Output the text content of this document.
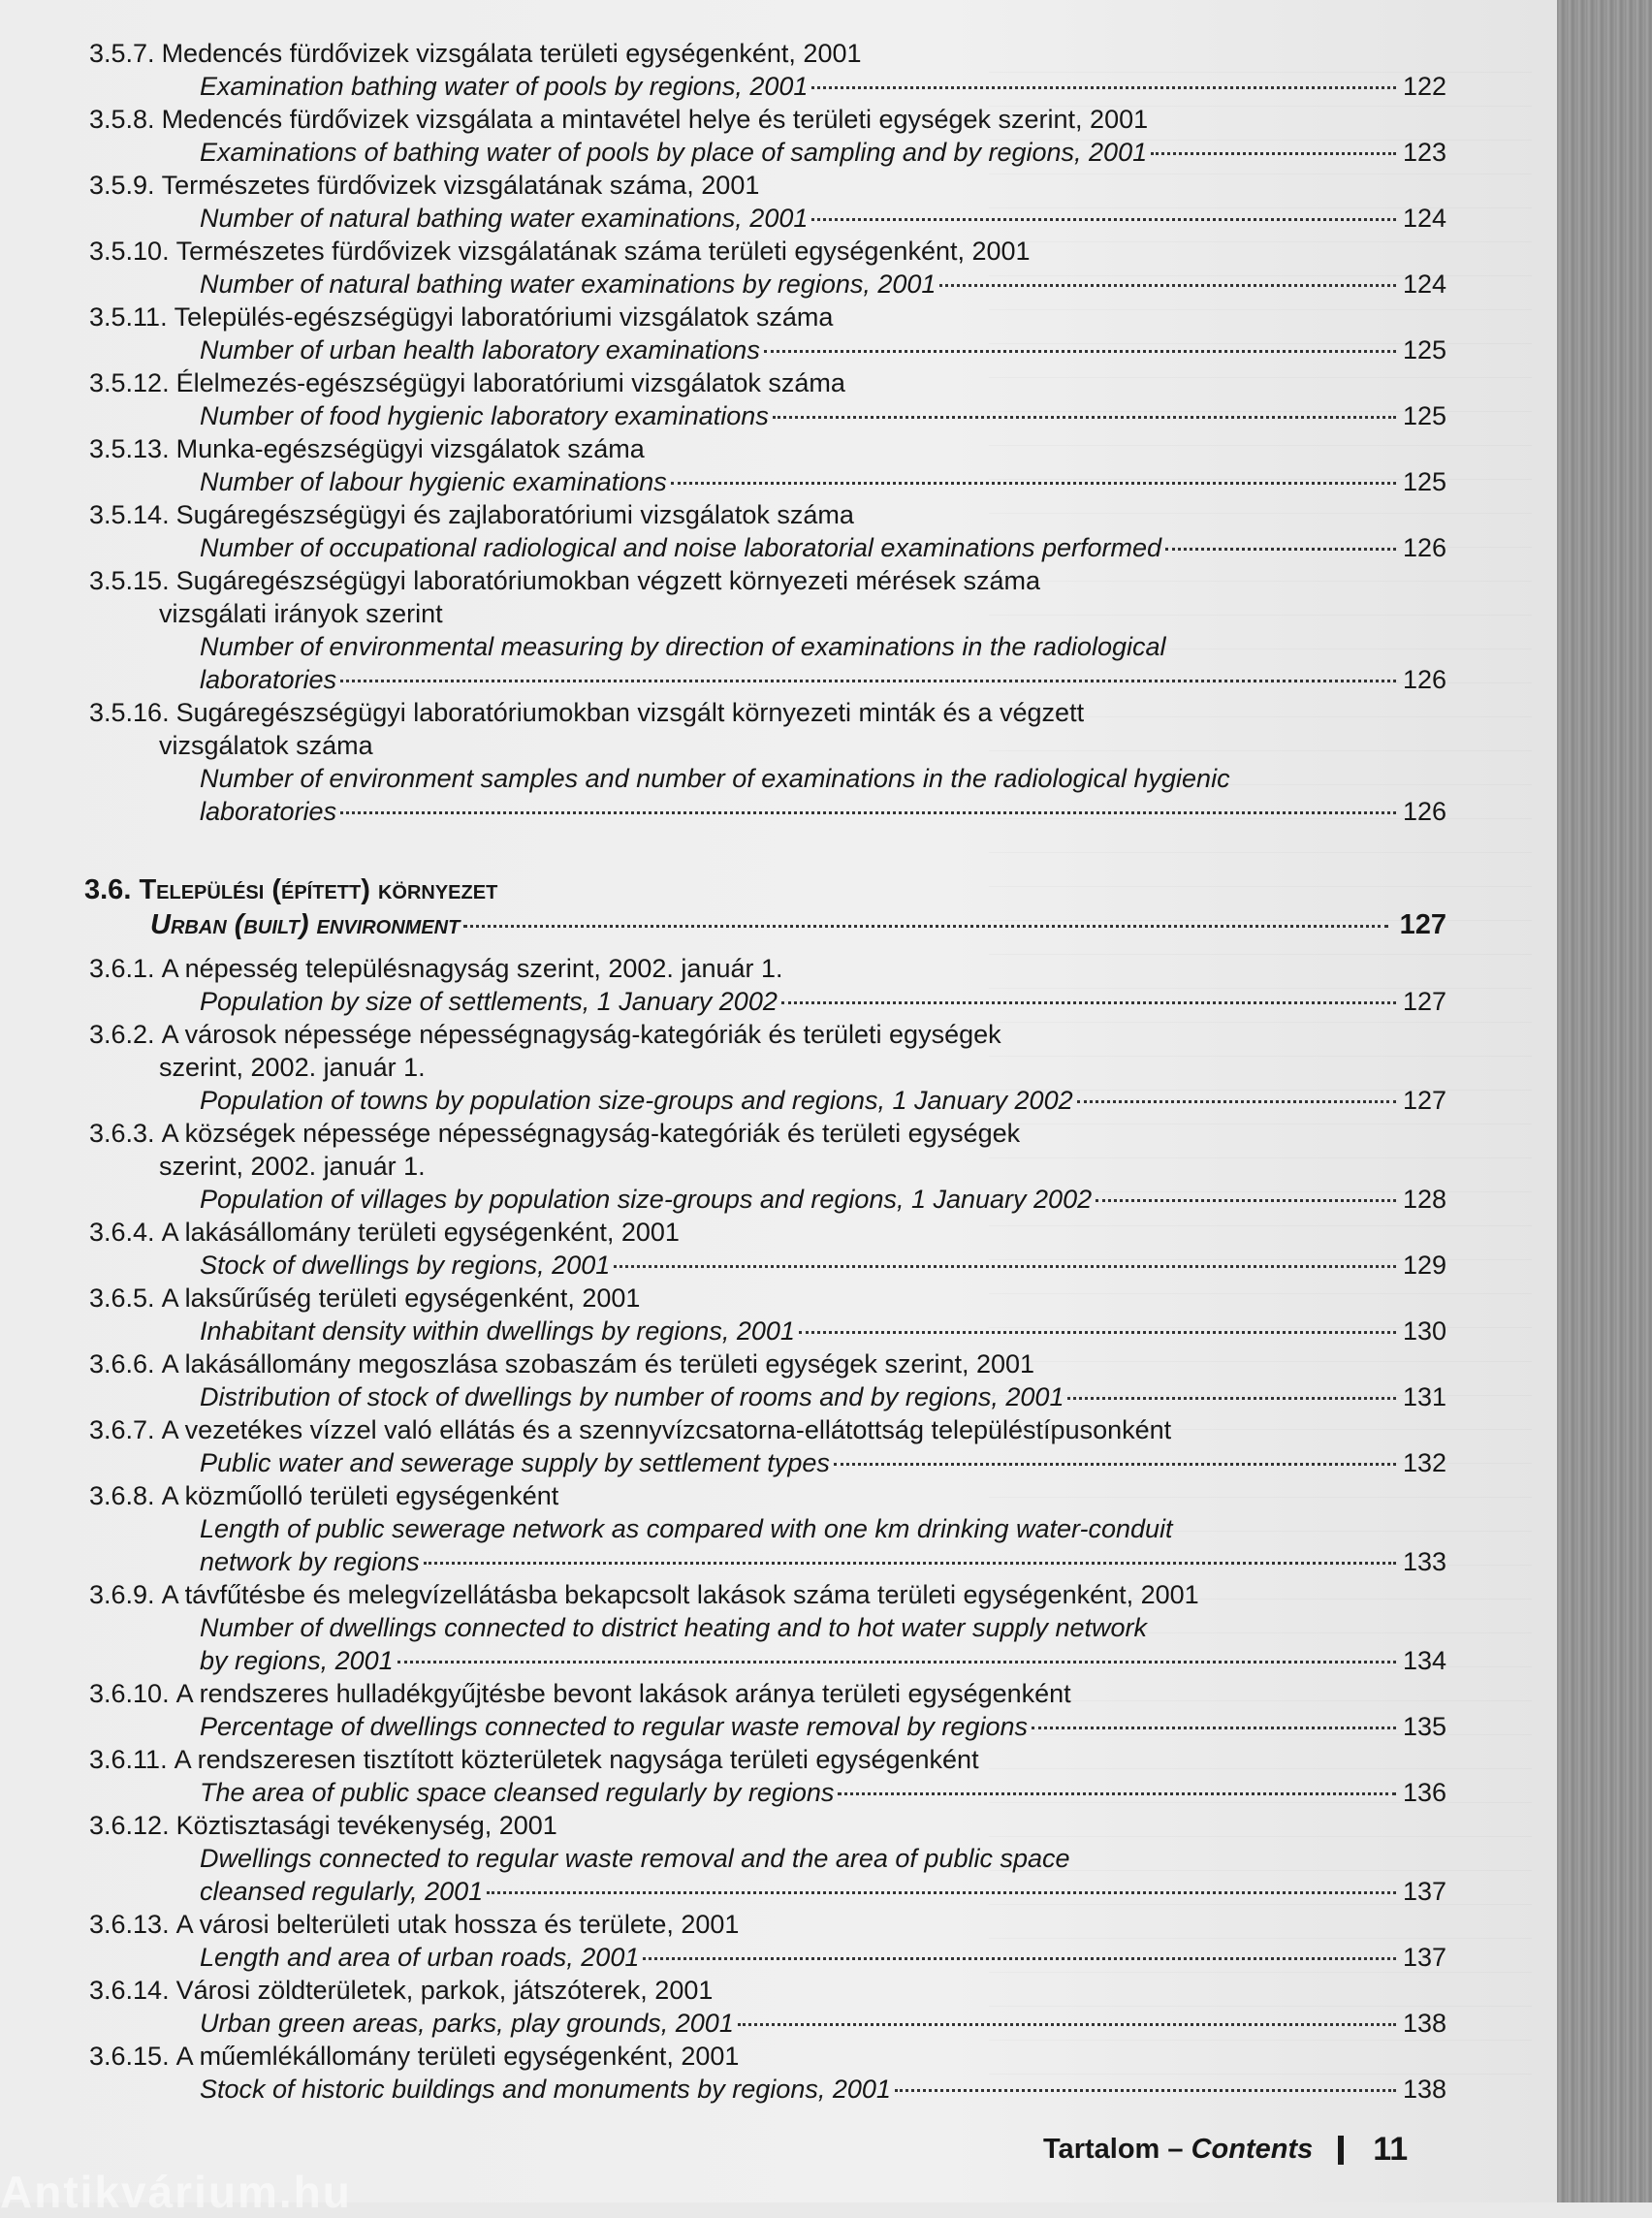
3.5.7. Medencés fürdővizek vizsgálata területi egységenként, 2001
Examination bathing water of pools by regions, 2001	122
3.5.8. Medencés fürdővizek vizsgálata a mintavétel helye és területi egységek szerint, 2001
Examinations of bathing water of pools by place of sampling and by regions, 2001	123
3.5.9. Természetes fürdővizek vizsgálatának száma, 2001
Number of natural bathing water examinations, 2001	124
3.5.10. Természetes fürdővizek vizsgálatának száma területi egységenként, 2001
Number of natural bathing water examinations by regions, 2001	124
3.5.11. Település-egészségügyi laboratóriumi vizsgálatok száma
Number of urban health laboratory examinations	125
3.5.12. Élelmezés-egészségügyi laboratóriumi vizsgálatok száma
Number of food hygienic laboratory examinations	125
3.5.13. Munka-egészségügyi vizsgálatok száma
Number of labour hygienic examinations	125
3.5.14. Sugáregészségügyi és zajlaboratóriumi vizsgálatok száma
Number of occupational radiological and noise laboratorial examinations performed	126
3.5.15. Sugáregészségügyi laboratóriumokban végzett környezeti mérések száma
vizsgálati irányok szerint
Number of environmental measuring by direction of examinations in the radiological
laboratories	126
3.5.16. Sugáregészségügyi laboratóriumokban vizsgált környezeti minták és a végzett
vizsgálatok száma
Number of environment samples and number of examinations in the radiological hygienic
laboratories	126
3.6. Települési (épített) környezet
Urban (built) environment	127
3.6.1. A népesség településnagyság szerint, 2002. január 1.
Population by size of settlements, 1 January 2002	127
3.6.2. A városok népessége népességnagyság-kategóriák és területi egységek
szerint, 2002. január 1.
Population of towns by population size-groups and regions, 1 January 2002	127
3.6.3. A községek népessége népességnagyság-kategóriák és területi egységek
szerint, 2002. január 1.
Population of villages by population size-groups and regions, 1 January 2002	128
3.6.4. A lakásállomány területi egységenként, 2001
Stock of dwellings by regions, 2001	129
3.6.5. A laksűrűség területi egységenként, 2001
Inhabitant density within dwellings by regions, 2001	130
3.6.6. A lakásállomány megoszlása szobaszám és területi egységek szerint, 2001
Distribution of stock of dwellings by number of rooms and by regions, 2001	131
3.6.7. A vezetékes vízzel való ellátás és a szennyvízcsatorna-ellátottság településtípusonként
Public water and sewerage supply by settlement types	132
3.6.8. A közműolló területi egységenként
Length of public sewerage network as compared with one km drinking water-conduit
network by regions	133
3.6.9. A távfűtésbe és melegvízellátásba bekapcsolt lakások száma területi egységenként, 2001
Number of dwellings connected to district heating and to hot water supply network
by regions, 2001	134
3.6.10. A rendszeres hulladékgyűjtésbe bevont lakások aránya területi egységenként
Percentage of dwellings connected to regular waste removal by regions	135
3.6.11. A rendszeresen tisztított közterületek nagysága területi egységenként
The area of public space cleansed regularly by regions	136
3.6.12. Köztisztasági tevékenység, 2001
Dwellings connected to regular waste removal and the area of public space
cleansed regularly, 2001	137
3.6.13. A városi belterületi utak hossza és területe, 2001
Length and area of urban roads, 2001	137
3.6.14. Városi zöldterületek, parkok, játszóterek, 2001
Urban green areas, parks, play grounds, 2001	138
3.6.15. A műemlékállomány területi egységenként, 2001
Stock of historic buildings and monuments by regions, 2001	138
Tartalom –
Contents 11
Antikvárium.hu
